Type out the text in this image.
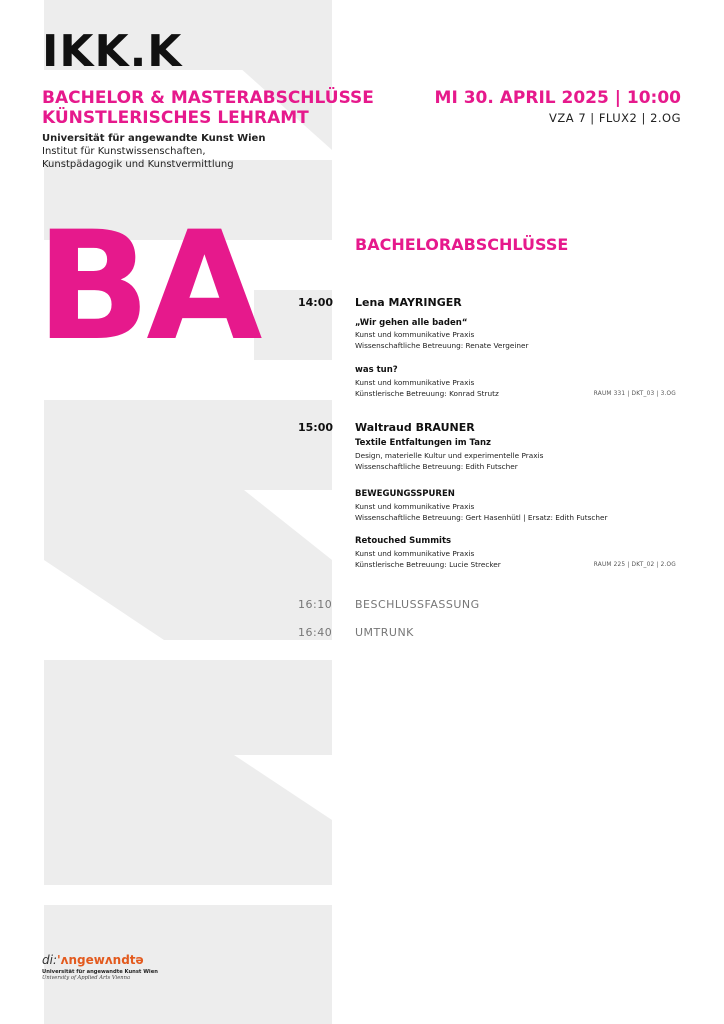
IKK.K
BACHELOR & MASTERABSCHLÜSSE
KÜNSTLERISCHES LEHRAMT
Universität für angewandte Kunst Wien
Institut für Kunstwissenschaften,
Kunstpädagogik und Kunstvermittlung
MI 30. APRIL 2025 | 10:00
VZA 7 | FLUX2 | 2.OG
BA	BACHELORABSCHLÜSSE
14:00 Lena MAYRINGER
„Wir gehen alle baden“
Kunst und kommunikative Praxis
Wissenschaftliche Betreuung: Renate Vergeiner
was tun?
Kunst und kommunikative Praxis
Künstlerische Betreuung: Konrad Strutz	RAUM 331 | DKT_03 | 3.OG
15:00 Waltraud BRAUNER
Textile Entfaltungen im Tanz
Design, materielle Kultur und experimentelle Praxis
Wissenschaftliche Betreuung: Edith Futscher
BEWEGUNGSSPUREN
Kunst und kommunikative Praxis
Wissenschaftliche Betreuung: Gert Hasenhütl | Ersatz: Edith Futscher
Retouched Summits
Kunst und kommunikative Praxis
Künstlerische Betreuung: Lucie Strecker	RAUM 225 | DKT_02 | 2.OG
16:10 BESCHLUSSFASSUNG
16:40 UMTRUNK
di:'ʌngewʌndtə
Universität für angewandte Kunst Wien
University of Applied Arts Vienna
